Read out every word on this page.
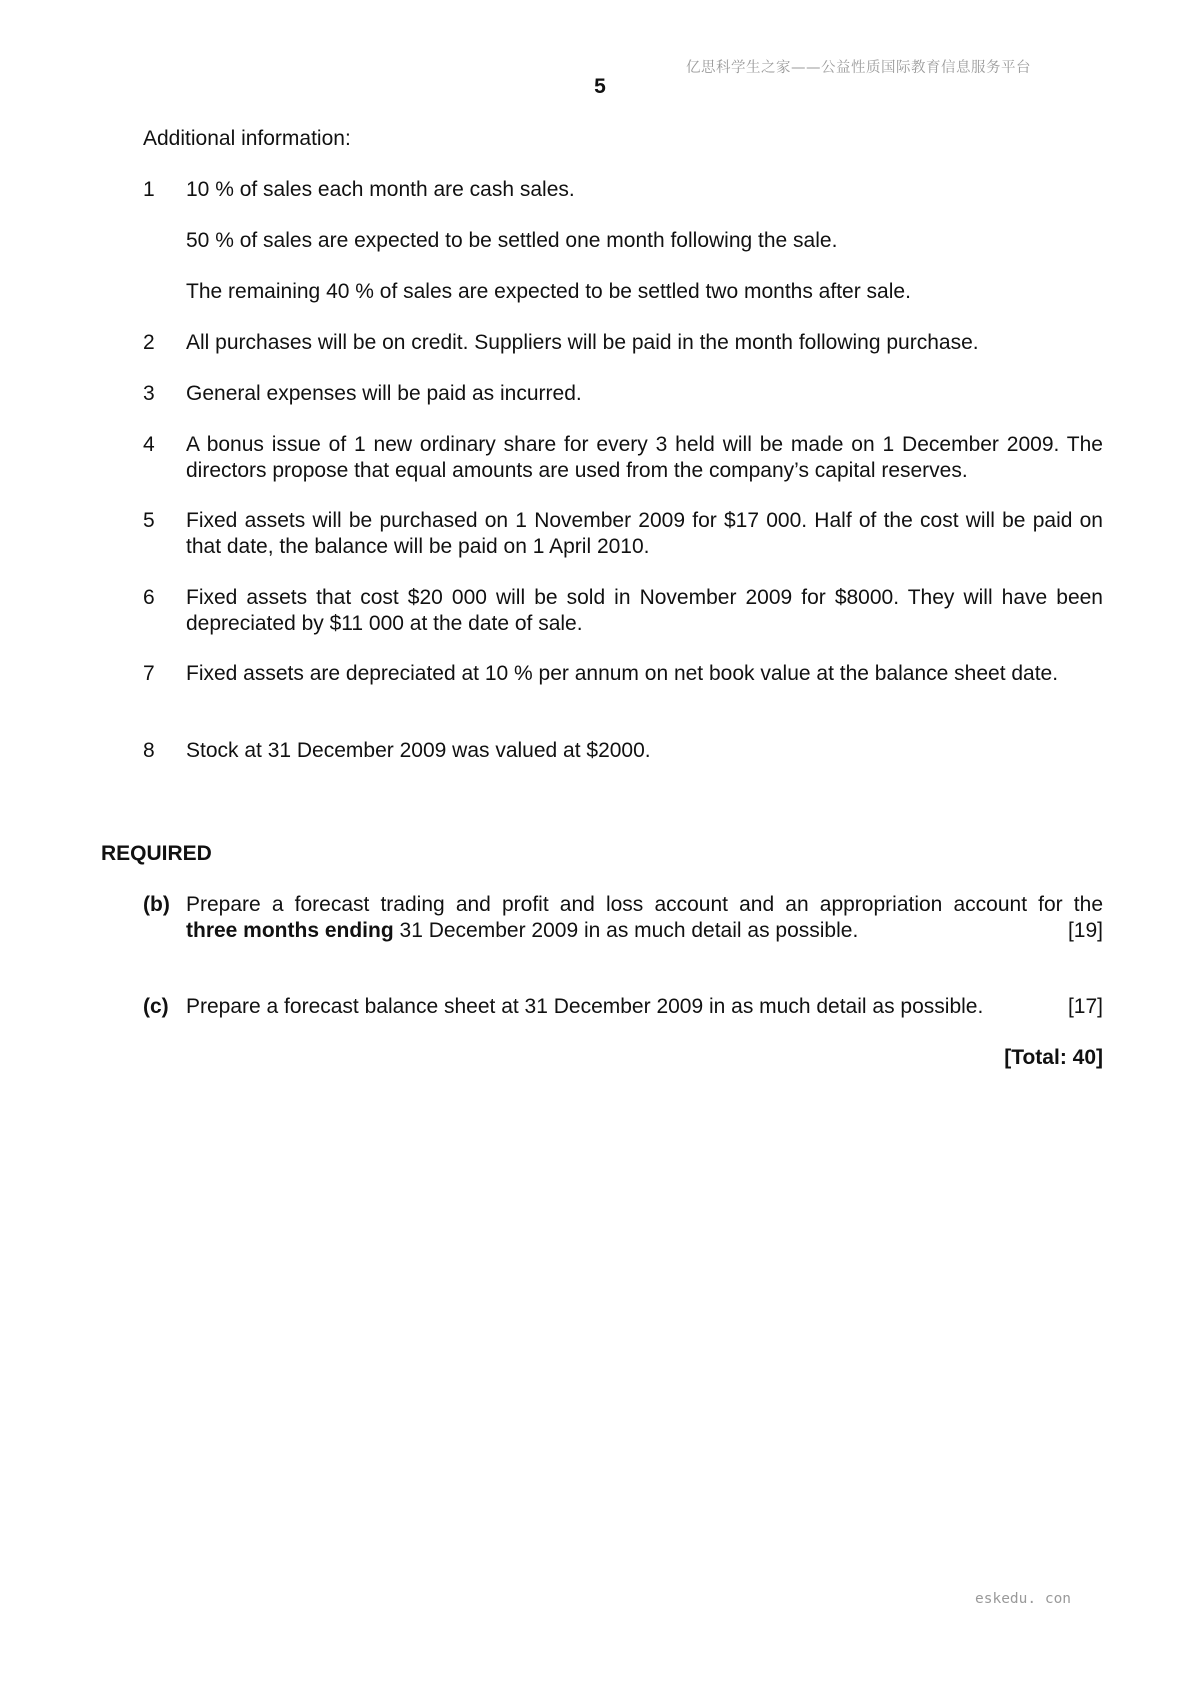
亿思科学生之家——公益性质国际教育信息服务平台
5
Additional information:
1 10 % of sales each month are cash sales.
50 % of sales are expected to be settled one month following the sale.
The remaining 40 % of sales are expected to be settled two months after sale.
2 All purchases will be on credit. Suppliers will be paid in the month following purchase.
3 General expenses will be paid as incurred.
4 A bonus issue of 1 new ordinary share for every 3 held will be made on 1 December 2009. The directors propose that equal amounts are used from the company’s capital reserves.
5 Fixed assets will be purchased on 1 November 2009 for $17 000. Half of the cost will be paid on that date, the balance will be paid on 1 April 2010.
6 Fixed assets that cost $20 000 will be sold in November 2009 for $8000. They will have been depreciated by $11 000 at the date of sale.
7 Fixed assets are depreciated at 10 % per annum on net book value at the balance sheet date.
8 Stock at 31 December 2009 was valued at $2000.
REQUIRED
(b) Prepare a forecast trading and profit and loss account and an appropriation account for the
three months ending 31 December 2009 in as much detail as possible.	[19]
(c) Prepare a forecast balance sheet at 31 December 2009 in as much detail as possible.	[17]
[Total: 40]
eskedu. con
